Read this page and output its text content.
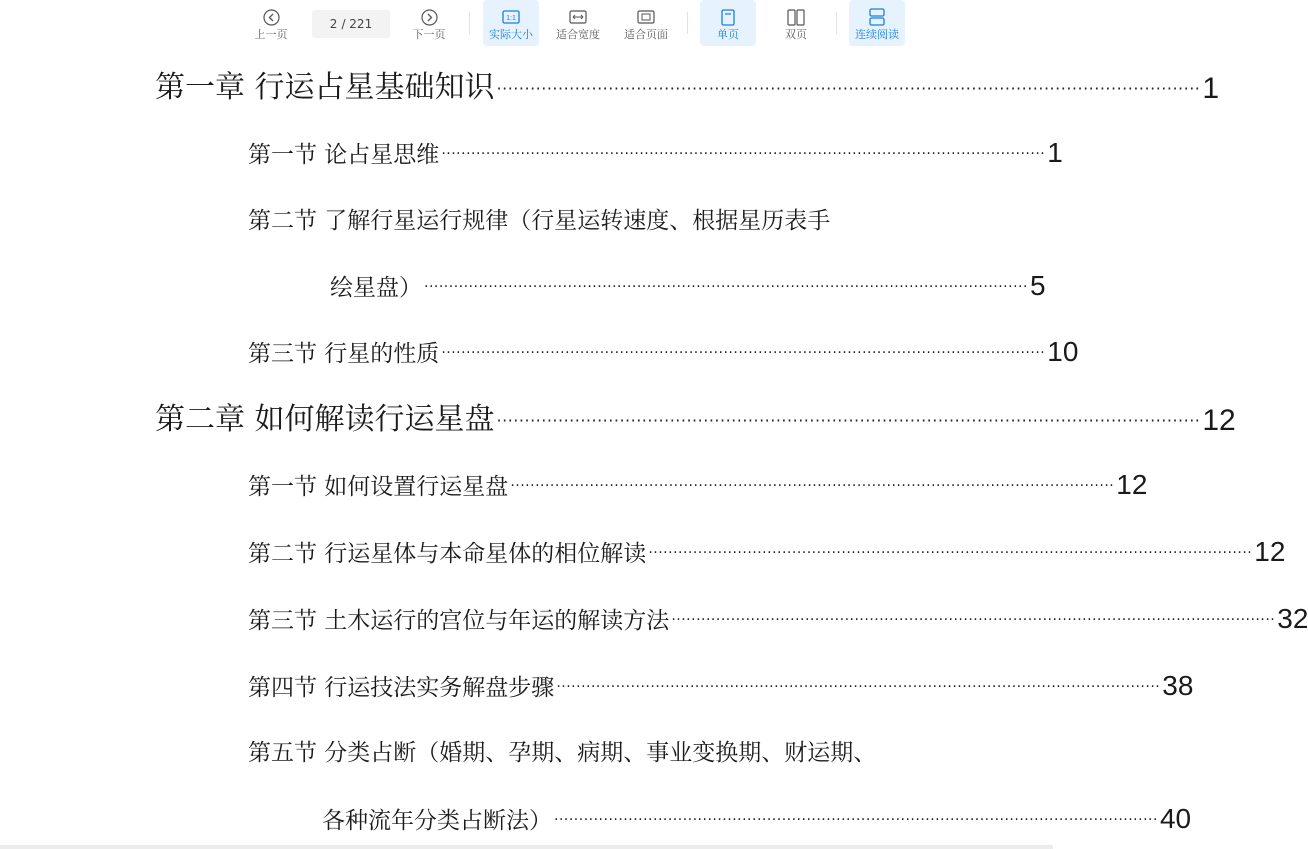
上一页
2 / 221
下一页
1:1
实际大小 适合宽度 适合页面	单页	双页	连续阅读
第一章 行运占星基础知识 ······························································································································ 1
第一节 论占星思维 ·························································································································· 1
第二节 了解行星运行规律（行星运转速度、根据星历表手
绘星盘） ·························································································································· 5
第三节 行星的性质 ·························································································································· 10
第二章 如何解读行运星盘 ······························································································································ 12
第一节 如何设置行运星盘 ·························································································································· 12
第二节 行运星体与本命星体的相位解读 ·························································································································· 12
第三节 土木运行的宫位与年运的解读方法 ·························································································································· 32
第四节 行运技法实务解盘步骤 ·························································································································· 38
第五节 分类占断（婚期、孕期、病期、事业变换期、财运期、
各种流年分类占断法） ·························································································································· 40
